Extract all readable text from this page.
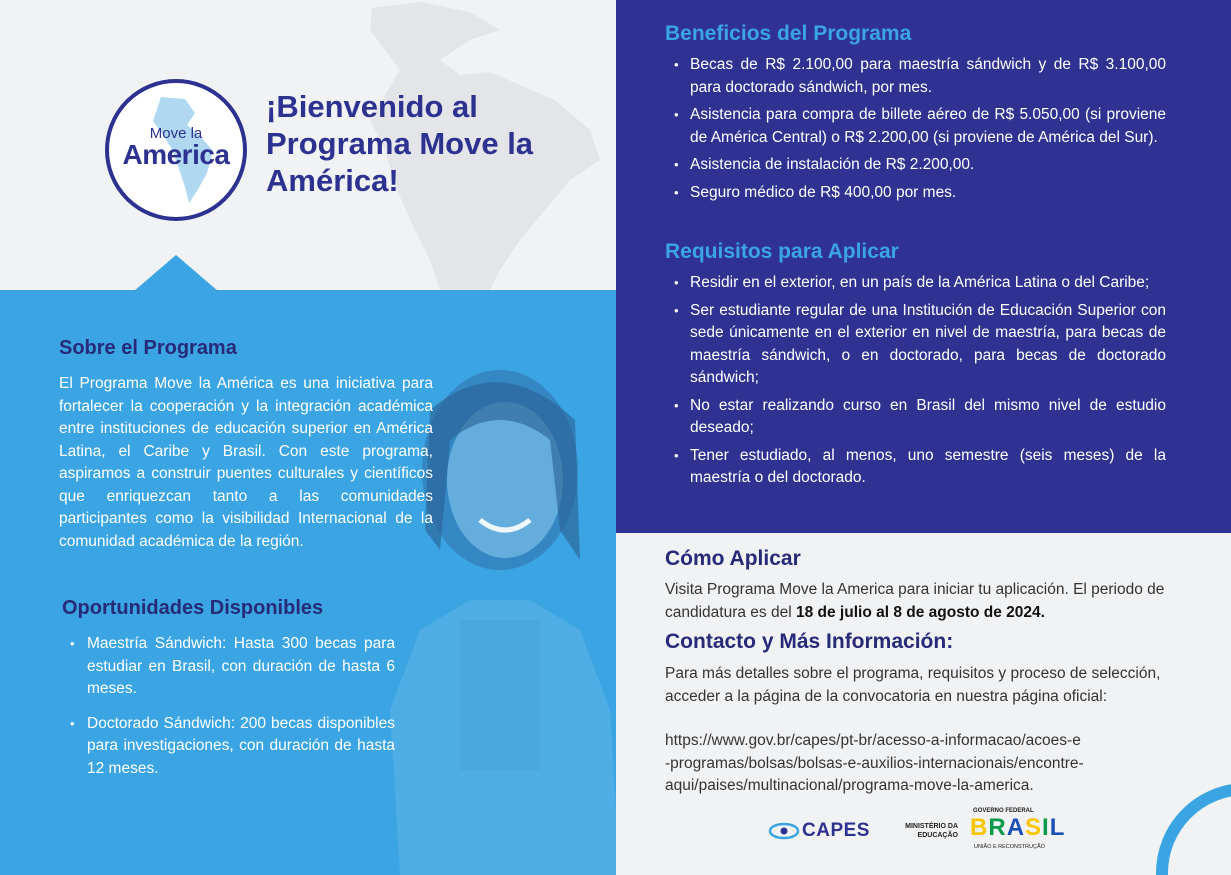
Move la
America
¡Bienvenido al Programa Move la América!
Sobre el Programa

El Programa Move la América es una iniciativa para fortalecer la cooperación y la integración académica entre instituciones de educación superior en América Latina, el Caribe y Brasil. Con este programa, aspiramos a construir puentes culturales y científicos que enriquezcan tanto a las comunidades participantes como la visibilidad Internacional de la comunidad académica de la región.

Oportunidades Disponibles
• Maestría Sándwich: Hasta 300 becas para estudiar en Brasil, con duración de hasta 6 meses.
• Doctorado Sándwich: 200 becas disponibles para investigaciones, con duración de hasta 12 meses.
Beneficios del Programa
• Becas de R$ 2.100,00 para maestría sándwich y de R$ 3.100,00 para doctorado sándwich, por mes.
• Asistencia para compra de billete aéreo de R$ 5.050,00 (si proviene de América Central) o R$ 2.200,00 (si proviene de América del Sur).
• Asistencia de instalación de R$ 2.200,00.
• Seguro médico de R$ 400,00 por mes.
Requisitos para Aplicar
• Residir en el exterior, en un país de la América Latina o del Caribe;
• Ser estudiante regular de una Institución de Educación Superior con sede únicamente en el exterior en nivel de maestría, para becas de maestría sándwich, o en doctorado, para becas de doctorado sándwich;
• No estar realizando curso en Brasil del mismo nivel de estudio deseado;
• Tener estudiado, al menos, uno semestre (seis meses) de la maestría o del doctorado.
Cómo Aplicar

Visita Programa Move la America para iniciar tu aplicación. El periodo de candidatura es del 18 de julio al 8 de agosto de 2024.

Contacto y Más Información:

Para más detalles sobre el programa, requisitos y proceso de selección, acceder a la página de la convocatoria en nuestra página oficial:

https://www.gov.br/capes/pt-br/acesso-a-informacao/acoes-e
-programas/bolsas/bolsas-e-auxilios-internacionais/encontre-
aqui/paises/multinacional/programa-move-la-america.
CAPES	MINISTÉRIO DA
EDUCAÇÃO
GOVERNO FEDERAL
BRASIL
UNIÃO E RECONSTRUÇÃO
